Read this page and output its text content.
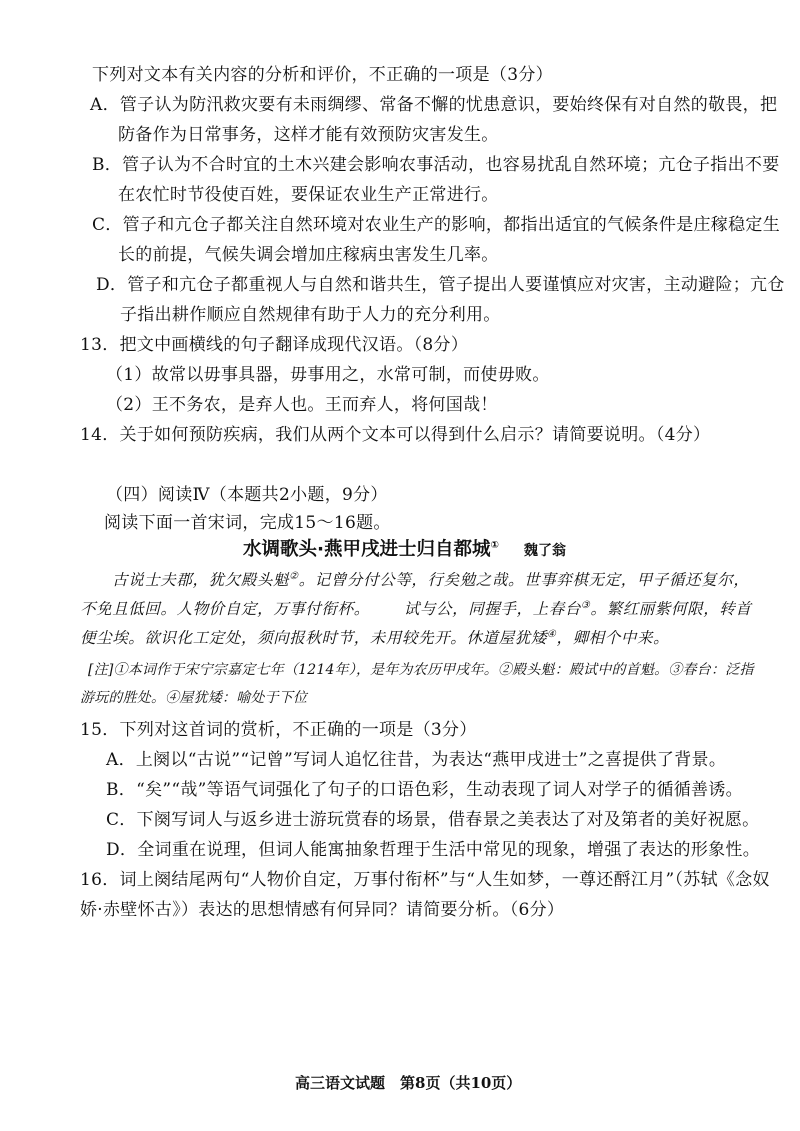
下列对文本有关内容的分析和评价，不正确的一项是（3分）
A．管子认为防汛救灾要有未雨绸缪、常备不懈的忧患意识，要始终保有对自然的敬畏，把
防备作为日常事务，这样才能有效预防灾害发生。
B．管子认为不合时宜的土木兴建会影响农事活动，也容易扰乱自然环境；亢仓子指出不要
在农忙时节役使百姓，要保证农业生产正常进行。
C．管子和亢仓子都关注自然环境对农业生产的影响，都指出适宜的气候条件是庄稼稳定生
长的前提，气候失调会增加庄稼病虫害发生几率。
D．管子和亢仓子都重视人与自然和谐共生，管子提出人要谨慎应对灾害，主动避险；亢仓
子指出耕作顺应自然规律有助于人力的充分利用。
13．把文中画横线的句子翻译成现代汉语。（8分）
（1）故常以毋事具器，毋事用之，水常可制，而使毋败。
（2）王不务农，是弃人也。王而弃人，将何国哉！
14．关于如何预防疾病，我们从两个文本可以得到什么启示？请简要说明。（4分）
（四）阅读Ⅳ（本题共2小题，9分）
阅读下面一首宋词，完成15～16题。
水调歌头·燕甲戌进士归自都城① 魏了翁
古说士夫郡，犹欠殿头魁②。记曾分付公等，行矣勉之哉。世事弈棋无定，甲子循还复尔，
不免且低回。人物价自定，万事付衔杯。 试与公，同握手，上春台③。繁红丽紫何限，转首
便尘埃。欲识化工定处，须向报秋时节，未用较先开。休道屋犹矮④，卿相个中来。
[注]①本词作于宋宁宗嘉定七年（1214年），是年为农历甲戌年。②殿头魁：殿试中的首魁。③春台：泛指
游玩的胜处。④屋犹矮：喻处于下位
15．下列对这首词的赏析，不正确的一项是（3分）
A．上阕以“古说”“记曾”写词人追忆往昔，为表达“燕甲戌进士”之喜提供了背景。
B．“矣”“哉”等语气词强化了句子的口语色彩，生动表现了词人对学子的循循善诱。
C．下阕写词人与返乡进士游玩赏春的场景，借春景之美表达了对及第者的美好祝愿。
D．全词重在说理，但词人能寓抽象哲理于生活中常见的现象，增强了表达的形象性。
16．词上阕结尾两句“人物价自定，万事付衔杯”与“人生如梦，一尊还酹江月”（苏轼《念奴
娇·赤壁怀古》）表达的思想情感有何异同？请简要分析。（6分）
高三语文试题　第8页（共10页）
